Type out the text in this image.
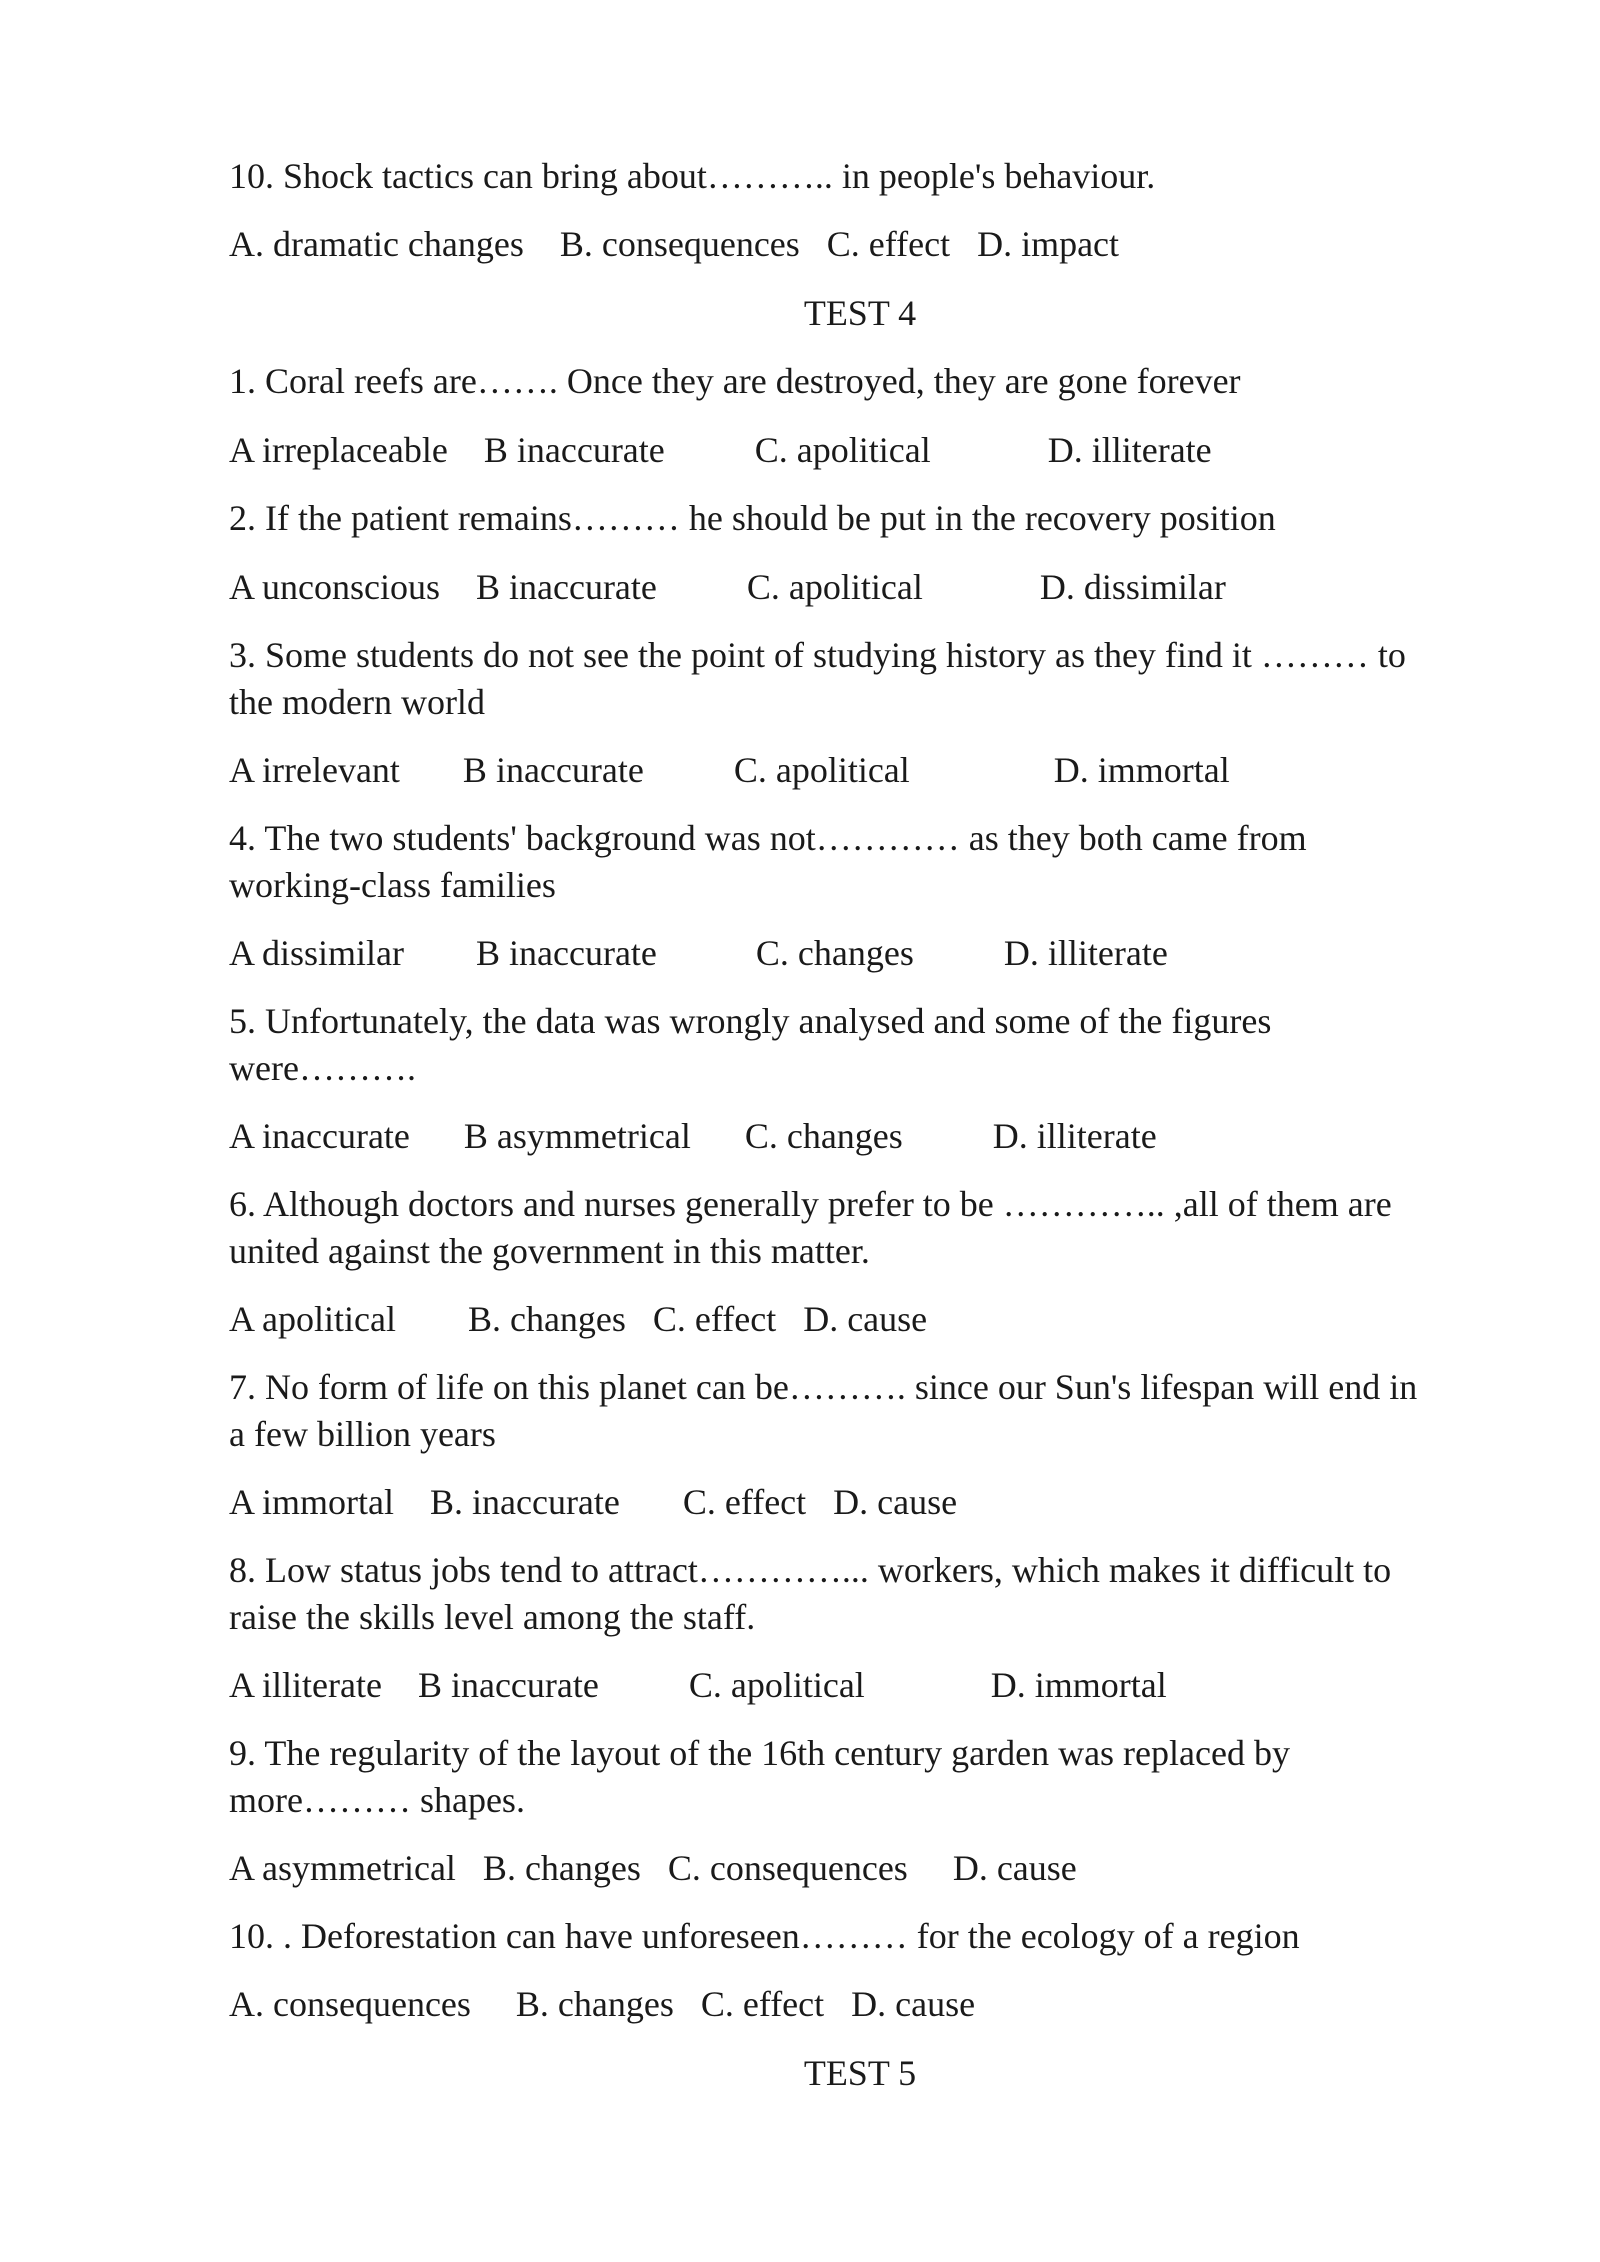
10. Shock tactics can bring about……….. in people's behaviour.
A. dramatic changes    B. consequences   C. effect   D. impact
TEST 4
1. Coral reefs are……. Once they are destroyed, they are gone forever
A irreplaceable    B inaccurate          C. apolitical             D. illiterate
2. If the patient remains……… he should be put in the recovery position
A unconscious    B inaccurate          C. apolitical             D. dissimilar
3. Some students do not see the point of studying history as they find it ……… to
the modern world
A irrelevant       B inaccurate          C. apolitical                D. immortal
4. The two students' background was not………… as they both came from
working-class families
A dissimilar        B inaccurate           C. changes          D. illiterate
5. Unfortunately, the data was wrongly analysed and some of the figures
were……….
A inaccurate      B asymmetrical      C. changes          D. illiterate
6. Although doctors and nurses generally prefer to be ………….. ,all of them are
united against the government in this matter.
A apolitical        B. changes   C. effect   D. cause
7. No form of life on this planet can be………. since our Sun's lifespan will end in
a few billion years
A immortal    B. inaccurate       C. effect   D. cause
8. Low status jobs tend to attract…………... workers, which makes it difficult to
raise the skills level among the staff.
A illiterate    B inaccurate          C. apolitical              D. immortal
9. The regularity of the layout of the 16th century garden was replaced by
more……… shapes.
A asymmetrical   B. changes   C. consequences     D. cause
10. . Deforestation can have unforeseen……… for the ecology of a region
A. consequences     B. changes   C. effect   D. cause
TEST 5
